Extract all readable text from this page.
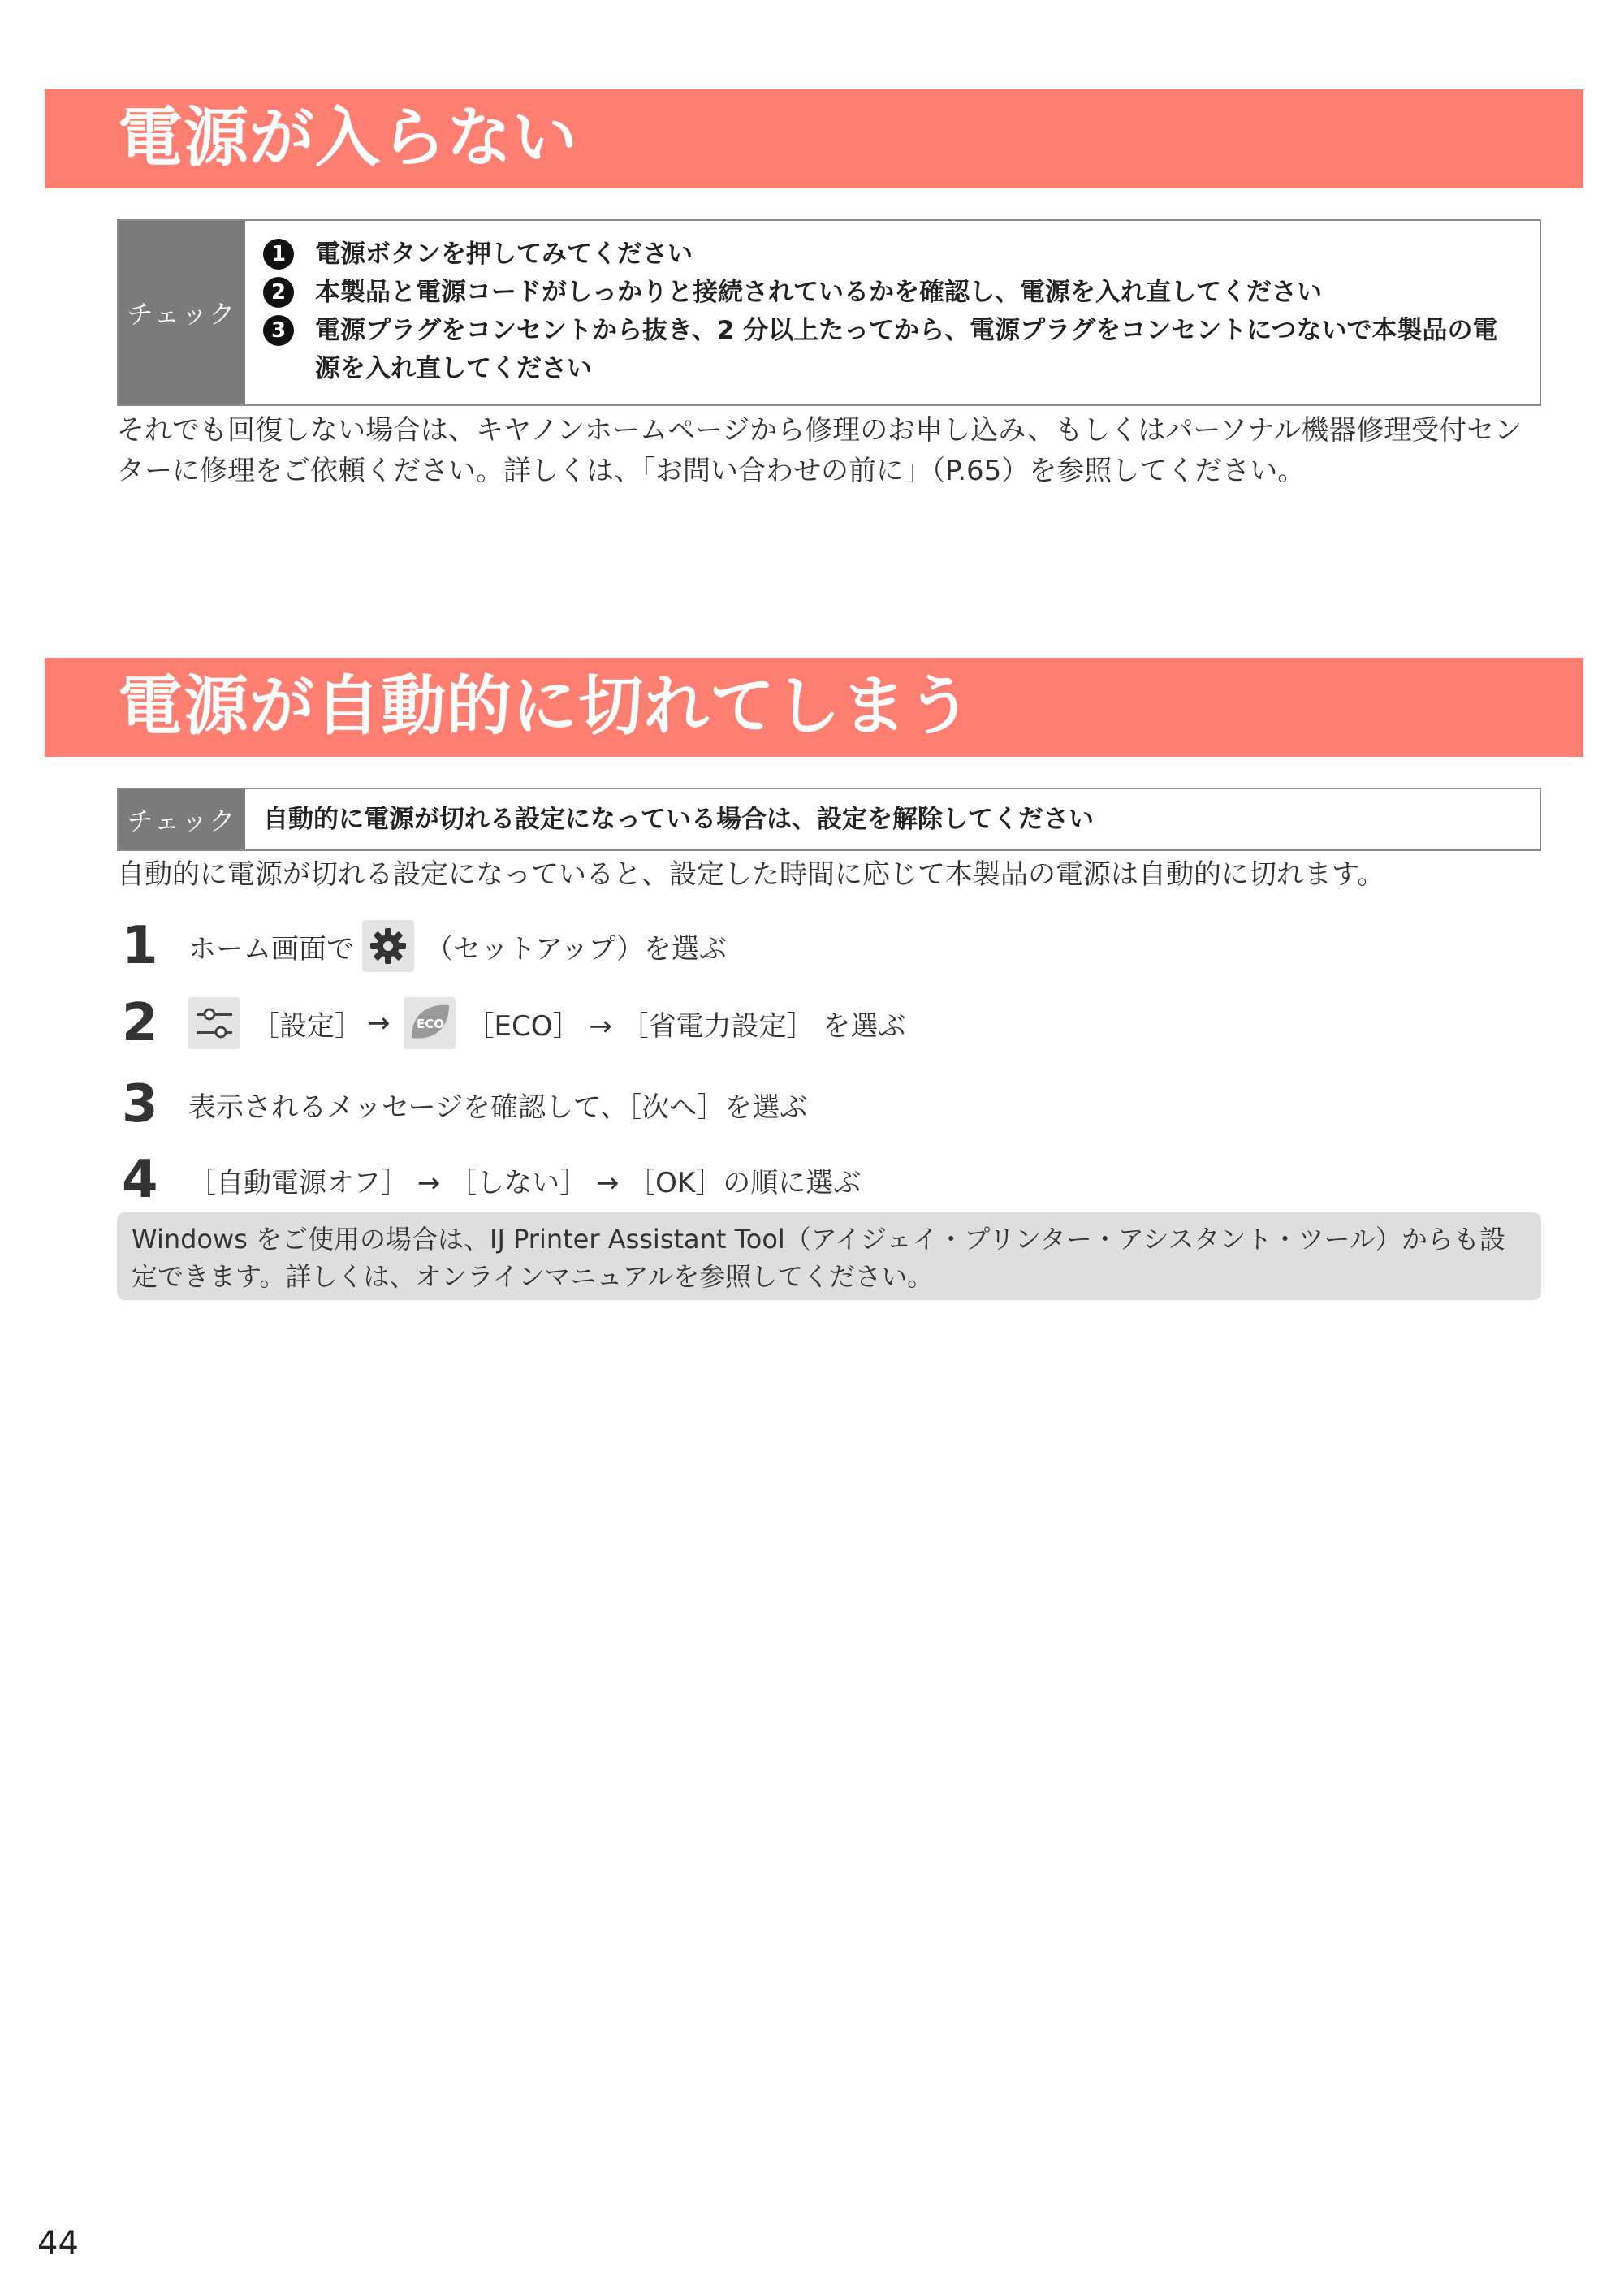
電源が入らない
チェック
1	電源ボタンを押してみてください
2	本製品と電源コードがしっかりと接続されているかを確認し、電源を入れ直してください
3	電源プラグをコンセントから抜き、2 分以上たってから、電源プラグをコンセントにつないで本製品の電源を入れ直してください
それでも回復しない場合は、キヤノンホームページから修理のお申し込み、もしくはパーソナル機器修理受付センターに修理をご依頼ください。詳しくは、「お問い合わせの前に」（P.65）を参照してください。
電源が自動的に切れてしまう
チェック	自動的に電源が切れる設定になっている場合は、設定を解除してください
自動的に電源が切れる設定になっていると、設定した時間に応じて本製品の電源は自動的に切れます。
1	ホーム画面で	（セットアップ）を選ぶ
2	［設定］ → ECO ［ECO］ → ［省電力設定］ を選ぶ
3	表示されるメッセージを確認して、［次へ］を選ぶ
4	［自動電源オフ］ → ［しない］ → ［OK］の順に選ぶ
Windows をご使用の場合は、IJ Printer Assistant Tool（アイジェイ・プリンター・アシスタント・ツール）からも設定できます。詳しくは、オンラインマニュアルを参照してください。
44
